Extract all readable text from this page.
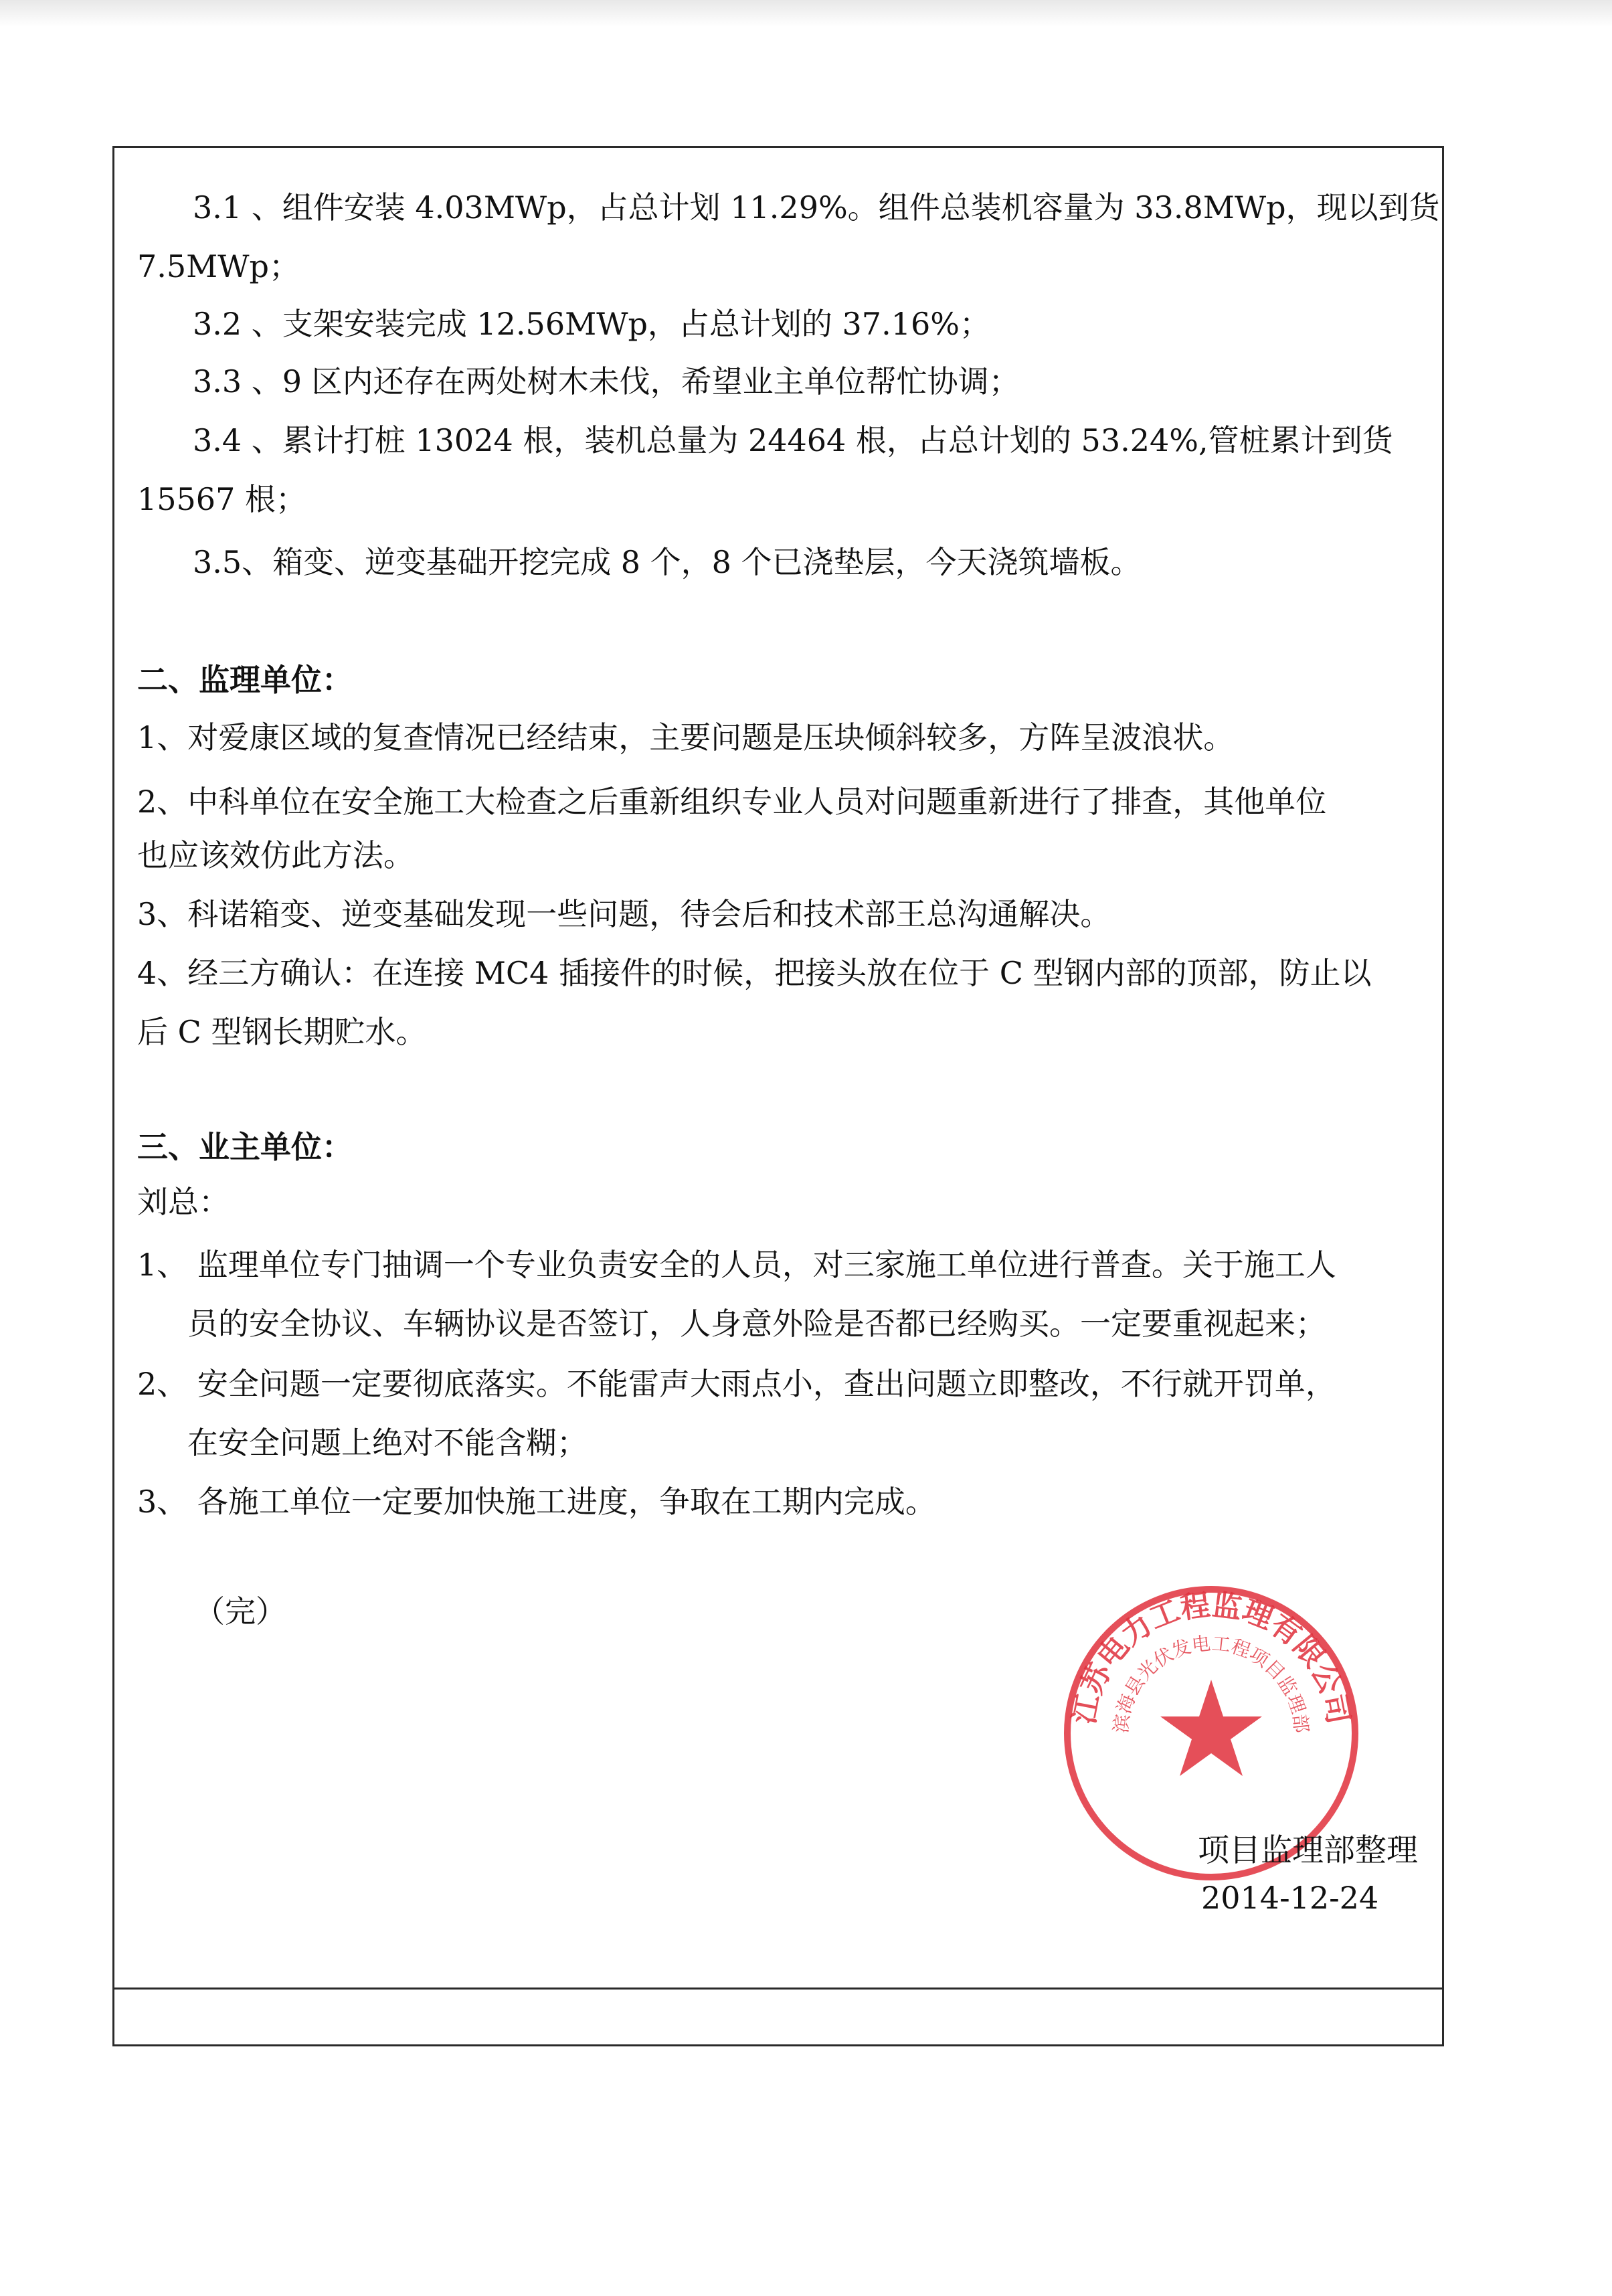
3.1 、组件安装 4.03MWp，占总计划 11.29%。组件总装机容量为 33.8MWp，现以到货
7.5MWp；
3.2 、支架安装完成 12.56MWp，占总计划的 37.16%；
3.3 、9 区内还存在两处树木未伐，希望业主单位帮忙协调；
3.4 、累计打桩 13024 根，装机总量为 24464 根，占总计划的 53.24%,管桩累计到货
15567 根；
3.5、箱变、逆变基础开挖完成 8 个，8 个已浇垫层，今天浇筑墙板。
二、监理单位：
1、对爱康区域的复查情况已经结束，主要问题是压块倾斜较多，方阵呈波浪状。
2、中科单位在安全施工大检查之后重新组织专业人员对问题重新进行了排查，其他单位
也应该效仿此方法。
3、科诺箱变、逆变基础发现一些问题，待会后和技术部王总沟通解决。
4、经三方确认：在连接 MC4 插接件的时候，把接头放在位于 C 型钢内部的顶部，防止以
后 C 型钢长期贮水。
三、业主单位：
刘总：
1、 监理单位专门抽调一个专业负责安全的人员，对三家施工单位进行普查。关于施工人
员的安全协议、车辆协议是否签订，人身意外险是否都已经购买。一定要重视起来；
2、 安全问题一定要彻底落实。不能雷声大雨点小，查出问题立即整改，不行就开罚单，
在安全问题上绝对不能含糊；
3、 各施工单位一定要加快施工进度，争取在工期内完成。
（完）
江苏电力工程监理有限公司
滨海县光伏发电工程项目监理部
项目监理部整理
2014-12-24
